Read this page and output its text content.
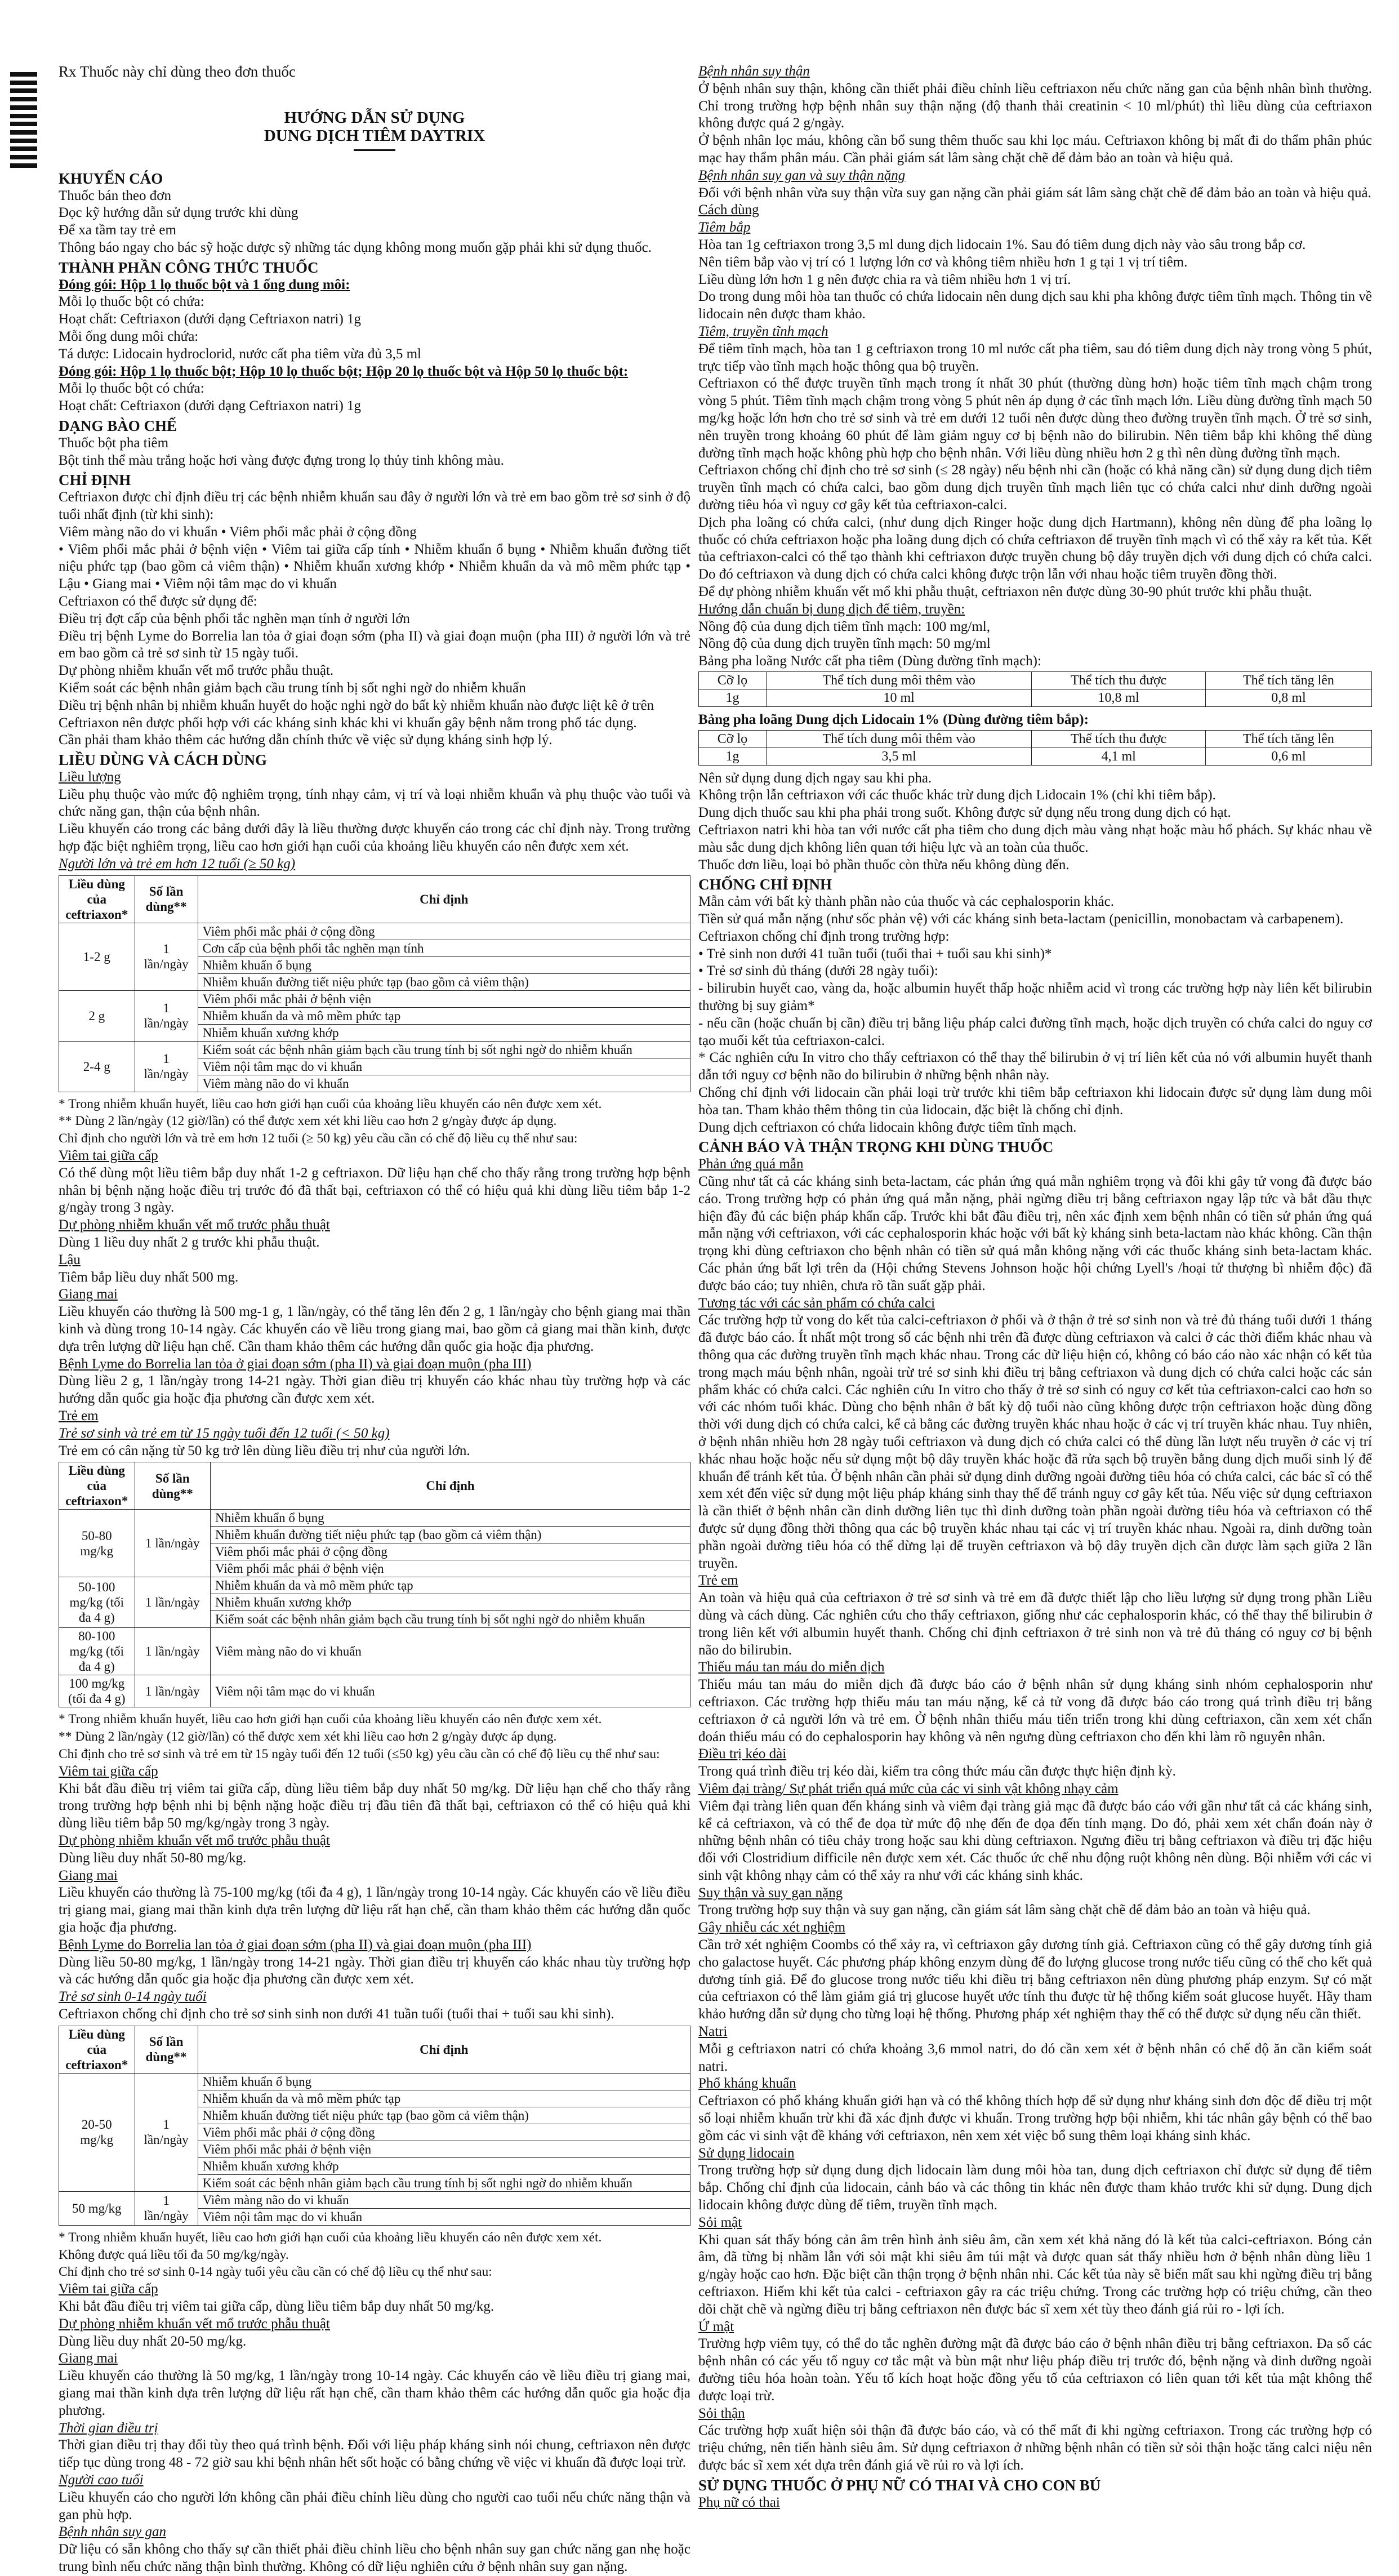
Rx Thuốc này chỉ dùng theo đơn thuốc

HƯỚNG DẪN SỬ DỤNG

DUNG DỊCH TIÊM DAYTRIX

KHUYẾN CÁO

Thuốc bán theo đơn

Đọc kỹ hướng dẫn sử dụng trước khi dùng

Để xa tầm tay trẻ em

Thông báo ngay cho bác sỹ hoặc dược sỹ những tác dụng không mong muốn gặp phải khi sử dụng thuốc.

THÀNH PHẦN CÔNG THỨC THUỐC

Đóng gói: Hộp 1 lọ thuốc bột và 1 ống dung môi:

Mỗi lọ thuốc bột có chứa:

Hoạt chất: Ceftriaxon (dưới dạng Ceftriaxon natri) 1g

Mỗi ống dung môi chứa:

Tá dược: Lidocain hydroclorid, nước cất pha tiêm vừa đủ 3,5 ml

Đóng gói: Hộp 1 lọ thuốc bột; Hộp 10 lọ thuốc bột; Hộp 20 lọ thuốc bột và Hộp 50 lọ thuốc bột:

Mỗi lọ thuốc bột có chứa:

Hoạt chất: Ceftriaxon (dưới dạng Ceftriaxon natri) 1g

DẠNG BÀO CHẾ

Thuốc bột pha tiêm

Bột tinh thể màu trắng hoặc hơi vàng được đựng trong lọ thủy tinh không màu.

CHỈ ĐỊNH

Ceftriaxon được chỉ định điều trị các bệnh nhiễm khuẩn sau đây ở người lớn và trẻ em bao gồm trẻ sơ sinh ở độ tuổi nhất định (từ khi sinh):

Viêm màng não do vi khuẩn • Viêm phổi mắc phải ở cộng đồng

• Viêm phổi mắc phải ở bệnh viện • Viêm tai giữa cấp tính • Nhiễm khuẩn ổ bụng • Nhiễm khuẩn đường tiết niệu phức tạp (bao gồm cả viêm thận) • Nhiễm khuẩn xương khớp • Nhiễm khuẩn da và mô mềm phức tạp • Lậu • Giang mai • Viêm nội tâm mạc do vi khuẩn

Ceftriaxon có thể được sử dụng để:

Điều trị đợt cấp của bệnh phổi tắc nghẽn mạn tính ở người lớn

Điều trị bệnh Lyme do Borrelia lan tỏa ở giai đoạn sớm (pha II) và giai đoạn muộn (pha III) ở người lớn và trẻ em bao gồm cả trẻ sơ sinh từ 15 ngày tuổi.

Dự phòng nhiễm khuẩn vết mổ trước phẫu thuật.

Kiểm soát các bệnh nhân giảm bạch cầu trung tính bị sốt nghi ngờ do nhiễm khuẩn

Điều trị bệnh nhân bị nhiễm khuẩn huyết do hoặc nghi ngờ do bất kỳ nhiễm khuẩn nào được liệt kê ở trên

Ceftriaxon nên được phối hợp với các kháng sinh khác khi vi khuẩn gây bệnh nằm trong phổ tác dụng.

Cần phải tham khảo thêm các hướng dẫn chính thức về việc sử dụng kháng sinh hợp lý.

LIỀU DÙNG VÀ CÁCH DÙNG

Liều lượng

Liều phụ thuộc vào mức độ nghiêm trọng, tính nhạy cảm, vị trí và loại nhiễm khuẩn và phụ thuộc vào tuổi và chức năng gan, thận của bệnh nhân.

Liều khuyến cáo trong các bảng dưới đây là liều thường được khuyến cáo trong các chỉ định này. Trong trường hợp đặc biệt nghiêm trọng, liều cao hơn giới hạn cuối của khoảng liều khuyến cáo nên được xem xét.

Người lớn và trẻ em hơn 12 tuổi (≥ 50 kg)

Liều dùng của ceftriaxon*	Số lần dùng**	Chỉ định
1-2 g	1 lần/ngày	Viêm phổi mắc phải ở cộng đồng
		Cơn cấp của bệnh phổi tắc nghẽn mạn tính
		Nhiễm khuẩn ổ bụng
		Nhiễm khuẩn đường tiết niệu phức tạp (bao gồm cả viêm thận)
2 g	1 lần/ngày	Viêm phổi mắc phải ở bệnh viện
		Nhiễm khuẩn da và mô mềm phức tạp
		Nhiễm khuẩn xương khớp
2-4 g	1 lần/ngày	Kiểm soát các bệnh nhân giảm bạch cầu trung tính bị sốt nghi ngờ do nhiễm khuẩn
		Viêm nội tâm mạc do vi khuẩn
		Viêm màng não do vi khuẩn

* Trong nhiễm khuẩn huyết, liều cao hơn giới hạn cuối của khoảng liều khuyến cáo nên được xem xét.

** Dùng 2 lần/ngày (12 giờ/lần) có thể được xem xét khi liều cao hơn 2 g/ngày được áp dụng.

Chỉ định cho người lớn và trẻ em hơn 12 tuổi (≥ 50 kg) yêu cầu cần có chế độ liều cụ thể như sau:

Viêm tai giữa cấp

Có thể dùng một liều tiêm bắp duy nhất 1-2 g ceftriaxon. Dữ liệu hạn chế cho thấy rằng trong trường hợp bệnh nhân bị bệnh nặng hoặc điều trị trước đó đã thất bại, ceftriaxon có thể có hiệu quả khi dùng liều tiêm bắp 1-2 g/ngày trong 3 ngày.

Dự phòng nhiễm khuẩn vết mổ trước phẫu thuật

Dùng 1 liều duy nhất 2 g trước khi phẫu thuật.

Lậu

Tiêm bắp liều duy nhất 500 mg.

Giang mai

Liều khuyến cáo thường là 500 mg-1 g, 1 lần/ngày, có thể tăng lên đến 2 g, 1 lần/ngày cho bệnh giang mai thần kinh và dùng trong 10-14 ngày. Các khuyến cáo về liều trong giang mai, bao gồm cả giang mai thần kinh, được dựa trên lượng dữ liệu hạn chế. Cần tham khảo thêm các hướng dẫn quốc gia hoặc địa phương.

Bệnh Lyme do Borrelia lan tỏa ở giai đoạn sớm (pha II) và giai đoạn muộn (pha III)

Dùng liều 2 g, 1 lần/ngày trong 14-21 ngày. Thời gian điều trị khuyến cáo khác nhau tùy trường hợp và các hướng dẫn quốc gia hoặc địa phương cần được xem xét.

Trẻ em

Trẻ sơ sinh và trẻ em từ 15 ngày tuổi đến 12 tuổi (< 50 kg)

Trẻ em có cân nặng từ 50 kg trở lên dùng liều điều trị như của người lớn.

Liều dùng của ceftriaxon*	Số lần dùng**	Chỉ định
50-80 mg/kg	1 lần/ngày	Nhiễm khuẩn ổ bụng
		Nhiễm khuẩn đường tiết niệu phức tạp (bao gồm cả viêm thận)
		Viêm phổi mắc phải ở cộng đồng
		Viêm phổi mắc phải ở bệnh viện
50-100 mg/kg (tối đa 4 g)	1 lần/ngày	Nhiễm khuẩn da và mô mềm phức tạp
		Nhiễm khuẩn xương khớp
		Kiểm soát các bệnh nhân giảm bạch cầu trung tính bị sốt nghi ngờ do nhiễm khuẩn
80-100 mg/kg (tối đa 4 g)	1 lần/ngày	Viêm màng não do vi khuẩn
100 mg/kg (tối đa 4 g)	1 lần/ngày	Viêm nội tâm mạc do vi khuẩn

* Trong nhiễm khuẩn huyết, liều cao hơn giới hạn cuối của khoảng liều khuyến cáo nên được xem xét.

** Dùng 2 lần/ngày (12 giờ/lần) có thể được xem xét khi liều cao hơn 2 g/ngày được áp dụng.

Chỉ định cho trẻ sơ sinh và trẻ em từ 15 ngày tuổi đến 12 tuổi (≤50 kg) yêu cầu cần có chế độ liều cụ thể như sau:

Viêm tai giữa cấp

Khi bắt đầu điều trị viêm tai giữa cấp, dùng liều tiêm bắp duy nhất 50 mg/kg. Dữ liệu hạn chế cho thấy rằng trong trường hợp bệnh nhi bị bệnh nặng hoặc điều trị đầu tiên đã thất bại, ceftriaxon có thể có hiệu quả khi dùng liều tiêm bắp 50 mg/kg/ngày trong 3 ngày.

Dự phòng nhiễm khuẩn vết mổ trước phẫu thuật

Dùng liều duy nhất 50-80 mg/kg.

Giang mai

Liều khuyến cáo thường là 75-100 mg/kg (tối đa 4 g), 1 lần/ngày trong 10-14 ngày. Các khuyến cáo về liều điều trị giang mai, giang mai thần kinh dựa trên lượng dữ liệu rất hạn chế, cần tham khảo thêm các hướng dẫn quốc gia hoặc địa phương.

Bệnh Lyme do Borrelia lan tỏa ở giai đoạn sớm (pha II) và giai đoạn muộn (pha III)

Dùng liều 50-80 mg/kg, 1 lần/ngày trong 14-21 ngày. Thời gian điều trị khuyến cáo khác nhau tùy trường hợp và các hướng dẫn quốc gia hoặc địa phương cần được xem xét.

Trẻ sơ sinh 0-14 ngày tuổi

Ceftriaxon chống chỉ định cho trẻ sơ sinh sinh non dưới 41 tuần tuổi (tuổi thai + tuổi sau khi sinh).

Liều dùng của ceftriaxon*	Số lần dùng**	Chỉ định
20-50 mg/kg	1 lần/ngày	Nhiễm khuẩn ổ bụng
		Nhiễm khuẩn da và mô mềm phức tạp
		Nhiễm khuẩn đường tiết niệu phức tạp (bao gồm cả viêm thận)
		Viêm phổi mắc phải ở cộng đồng
		Viêm phổi mắc phải ở bệnh viện
		Nhiễm khuẩn xương khớp
		Kiểm soát các bệnh nhân giảm bạch cầu trung tính bị sốt nghi ngờ do nhiễm khuẩn
50 mg/kg	1 lần/ngày	Viêm màng não do vi khuẩn
		Viêm nội tâm mạc do vi khuẩn

* Trong nhiễm khuẩn huyết, liều cao hơn giới hạn cuối của khoảng liều khuyến cáo nên được xem xét.

Không được quá liều tối đa 50 mg/kg/ngày.

Chỉ định cho trẻ sơ sinh 0-14 ngày tuổi yêu cầu cần có chế độ liều cụ thể như sau:

Viêm tai giữa cấp

Khi bắt đầu điều trị viêm tai giữa cấp, dùng liều tiêm bắp duy nhất 50 mg/kg.

Dự phòng nhiễm khuẩn vết mổ trước phẫu thuật

Dùng liều duy nhất 20-50 mg/kg.

Giang mai

Liều khuyến cáo thường là 50 mg/kg, 1 lần/ngày trong 10-14 ngày. Các khuyến cáo về liều điều trị giang mai, giang mai thần kinh dựa trên lượng dữ liệu rất hạn chế, cần tham khảo thêm các hướng dẫn quốc gia hoặc địa phương.

Thời gian điều trị

Thời gian điều trị thay đổi tùy theo quá trình bệnh. Đối với liệu pháp kháng sinh nói chung, ceftriaxon nên được tiếp tục dùng trong 48 - 72 giờ sau khi bệnh nhân hết sốt hoặc có bằng chứng về việc vi khuẩn đã được loại trừ.

Người cao tuổi

Liều khuyến cáo cho người lớn không cần phải điều chỉnh liều dùng cho người cao tuổi nếu chức năng thận và gan phù hợp.

Bệnh nhân suy gan

Dữ liệu có sẵn không cho thấy sự cần thiết phải điều chỉnh liều cho bệnh nhân suy gan chức năng gan nhẹ hoặc trung bình nếu chức năng thận bình thường. Không có dữ liệu nghiên cứu ở bệnh nhân suy gan nặng.

Bệnh nhân suy thận

Ở bệnh nhân suy thận, không cần thiết phải điều chỉnh liều ceftriaxon nếu chức năng gan của bệnh nhân bình thường. Chỉ trong trường hợp bệnh nhân suy thận nặng (độ thanh thải creatinin < 10 ml/phút) thì liều dùng của ceftriaxon không được quá 2 g/ngày.

Ở bệnh nhân lọc máu, không cần bổ sung thêm thuốc sau khi lọc máu. Ceftriaxon không bị mất đi do thẩm phân phúc mạc hay thẩm phân máu. Cần phải giám sát lâm sàng chặt chẽ để đảm bảo an toàn và hiệu quả.

Bệnh nhân suy gan và suy thận nặng

Đối với bệnh nhân vừa suy thận vừa suy gan nặng cần phải giám sát lâm sàng chặt chẽ để đảm bảo an toàn và hiệu quả.

Cách dùng

Tiêm bắp

Hòa tan 1g ceftriaxon trong 3,5 ml dung dịch lidocain 1%. Sau đó tiêm dung dịch này vào sâu trong bắp cơ.

Nên tiêm bắp vào vị trí có 1 lượng lớn cơ và không tiêm nhiều hơn 1 g tại 1 vị trí tiêm.

Liều dùng lớn hơn 1 g nên được chia ra và tiêm nhiều hơn 1 vị trí.

Do trong dung môi hòa tan thuốc có chứa lidocain nên dung dịch sau khi pha không được tiêm tĩnh mạch. Thông tin về lidocain nên được tham khảo.

Tiêm, truyền tĩnh mạch

Để tiêm tĩnh mạch, hòa tan 1 g ceftriaxon trong 10 ml nước cất pha tiêm, sau đó tiêm dung dịch này trong vòng 5 phút, trực tiếp vào tĩnh mạch hoặc thông qua bộ truyền.

Ceftriaxon có thể được truyền tĩnh mạch trong ít nhất 30 phút (thường dùng hơn) hoặc tiêm tĩnh mạch chậm trong vòng 5 phút. Tiêm tĩnh mạch chậm trong vòng 5 phút nên áp dụng ở các tĩnh mạch lớn. Liều dùng đường tĩnh mạch 50 mg/kg hoặc lớn hơn cho trẻ sơ sinh và trẻ em dưới 12 tuổi nên được dùng theo đường truyền tĩnh mạch. Ở trẻ sơ sinh, nên truyền trong khoảng 60 phút để làm giảm nguy cơ bị bệnh não do bilirubin. Nên tiêm bắp khi không thể dùng đường tĩnh mạch hoặc không phù hợp cho bệnh nhân. Với liều dùng nhiều hơn 2 g thì nên dùng đường tĩnh mạch.

Ceftriaxon chống chỉ định cho trẻ sơ sinh (≤ 28 ngày) nếu bệnh nhi cần (hoặc có khả năng cần) sử dụng dung dịch tiêm truyền tĩnh mạch có chứa calci, bao gồm dung dịch truyền tĩnh mạch liên tục có chứa calci như dinh dưỡng ngoài đường tiêu hóa vì nguy cơ gây kết tủa ceftriaxon-calci.

Dịch pha loãng có chứa calci, (như dung dịch Ringer hoặc dung dịch Hartmann), không nên dùng để pha loãng lọ thuốc có chứa ceftriaxon hoặc pha loãng dung dịch có chứa ceftriaxon để truyền tĩnh mạch vì có thể xảy ra kết tủa. Kết tủa ceftriaxon-calci có thể tạo thành khi ceftriaxon được truyền chung bộ dây truyền dịch với dung dịch có chứa calci. Do đó ceftriaxon và dung dịch có chứa calci không được trộn lẫn với nhau hoặc tiêm truyền đồng thời.

Để dự phòng nhiễm khuẩn vết mổ khi phẫu thuật, ceftriaxon nên được dùng 30-90 phút trước khi phẫu thuật.

Hướng dẫn chuẩn bị dung dịch để tiêm, truyền:

Nồng độ của dung dịch tiêm tĩnh mạch: 100 mg/ml,

Nồng độ của dung dịch truyền tĩnh mạch: 50 mg/ml

Bảng pha loãng Nước cất pha tiêm (Dùng đường tĩnh mạch):

Cỡ lọ	Thể tích dung môi thêm vào	Thể tích thu được	Thể tích tăng lên
1g	10 ml	10,8 ml	0,8 ml

Bảng pha loãng Dung dịch Lidocain 1% (Dùng đường tiêm bắp):

Cỡ lọ	Thể tích dung môi thêm vào	Thể tích thu được	Thể tích tăng lên
1g	3,5 ml	4,1 ml	0,6 ml

Nên sử dụng dung dịch ngay sau khi pha.

Không trộn lẫn ceftriaxon với các thuốc khác trừ dung dịch Lidocain 1% (chỉ khi tiêm bắp).

Dung dịch thuốc sau khi pha phải trong suốt. Không được sử dụng nếu trong dung dịch có hạt.

Ceftriaxon natri khi hòa tan với nước cất pha tiêm cho dung dịch màu vàng nhạt hoặc màu hổ phách. Sự khác nhau về màu sắc dung dịch không liên quan tới hiệu lực và an toàn của thuốc.

Thuốc đơn liều, loại bỏ phần thuốc còn thừa nếu không dùng đến.

CHỐNG CHỈ ĐỊNH

Mẫn cảm với bất kỳ thành phần nào của thuốc và các cephalosporin khác.

Tiền sử quá mẫn nặng (như sốc phản vệ) với các kháng sinh beta-lactam (penicillin, monobactam và carbapenem).

Ceftriaxon chống chỉ định trong trường hợp:

• Trẻ sinh non dưới 41 tuần tuổi (tuổi thai + tuổi sau khi sinh)*

• Trẻ sơ sinh đủ tháng (dưới 28 ngày tuổi):

- bilirubin huyết cao, vàng da, hoặc albumin huyết thấp hoặc nhiễm acid vì trong các trường hợp này liên kết bilirubin thường bị suy giảm*

- nếu cần (hoặc chuẩn bị cần) điều trị bằng liệu pháp calci đường tĩnh mạch, hoặc dịch truyền có chứa calci do nguy cơ tạo muối kết tủa ceftriaxon-calci.

* Các nghiên cứu In vitro cho thấy ceftriaxon có thể thay thế bilirubin ở vị trí liên kết của nó với albumin huyết thanh dẫn tới nguy cơ bệnh não do bilirubin ở những bệnh nhân này.

Chống chỉ định với lidocain cần phải loại trừ trước khi tiêm bắp ceftriaxon khi lidocain được sử dụng làm dung môi hòa tan. Tham khảo thêm thông tin của lidocain, đặc biệt là chống chỉ định.

Dung dịch ceftriaxon có chứa lidocain không được tiêm tĩnh mạch.

CẢNH BÁO VÀ THẬN TRỌNG KHI DÙNG THUỐC

Phản ứng quá mẫn

Cũng như tất cả các kháng sinh beta-lactam, các phản ứng quá mẫn nghiêm trọng và đôi khi gây tử vong đã được báo cáo. Trong trường hợp có phản ứng quá mẫn nặng, phải ngừng điều trị bằng ceftriaxon ngay lập tức và bắt đầu thực hiện đầy đủ các biện pháp khẩn cấp. Trước khi bắt đầu điều trị, nên xác định xem bệnh nhân có tiền sử phản ứng quá mẫn nặng với ceftriaxon, với các cephalosporin khác hoặc với bất kỳ kháng sinh beta-lactam nào khác không. Cần thận trọng khi dùng ceftriaxon cho bệnh nhân có tiền sử quá mẫn không nặng với các thuốc kháng sinh beta-lactam khác. Các phản ứng bất lợi trên da (Hội chứng Stevens Johnson hoặc hội chứng Lyell's /hoại tử thượng bì nhiễm độc) đã được báo cáo; tuy nhiên, chưa rõ tần suất gặp phải.

Tương tác với các sản phẩm có chứa calci

Các trường hợp tử vong do kết tủa calci-ceftriaxon ở phổi và ở thận ở trẻ sơ sinh non và trẻ đủ tháng tuổi dưới 1 tháng đã được báo cáo. Ít nhất một trong số các bệnh nhi trên đã được dùng ceftriaxon và calci ở các thời điểm khác nhau và thông qua các đường truyền tĩnh mạch khác nhau. Trong các dữ liệu hiện có, không có báo cáo nào xác nhận có kết tủa trong mạch máu bệnh nhân, ngoài trừ trẻ sơ sinh khi điều trị bằng ceftriaxon và dung dịch có chứa calci hoặc các sản phẩm khác có chứa calci. Các nghiên cứu In vitro cho thấy ở trẻ sơ sinh có nguy cơ kết tủa ceftriaxon-calci cao hơn so với các nhóm tuổi khác. Dùng cho bệnh nhân ở bất kỳ độ tuổi nào cũng không được trộn ceftriaxon hoặc dùng đồng thời với dung dịch có chứa calci, kể cả bằng các đường truyền khác nhau hoặc ở các vị trí truyền khác nhau. Tuy nhiên, ở bệnh nhân nhiều hơn 28 ngày tuổi ceftriaxon và dung dịch có chứa calci có thể dùng lần lượt nếu truyền ở các vị trí khác nhau hoặc hoặc nếu sử dụng một bộ dây truyền khác hoặc đã rửa sạch bộ truyền bằng dung dịch muối sinh lý để khuẩn để tránh kết tủa. Ở bệnh nhân cần phải sử dụng dinh dưỡng ngoài đường tiêu hóa có chứa calci, các bác sĩ có thể xem xét đến việc sử dụng một liệu pháp kháng sinh thay thế để tránh nguy cơ gây kết tủa. Nếu việc sử dụng ceftriaxon là cần thiết ở bệnh nhân cần dinh dưỡng liên tục thì dinh dưỡng toàn phần ngoài đường tiêu hóa và ceftriaxon có thể được sử dụng đồng thời thông qua các bộ truyền khác nhau tại các vị trí truyền khác nhau. Ngoài ra, dinh dưỡng toàn phần ngoài đường tiêu hóa có thể dừng lại để truyền ceftriaxon và bộ dây truyền dịch cần được làm sạch giữa 2 lần truyền.

Trẻ em

An toàn và hiệu quả của ceftriaxon ở trẻ sơ sinh và trẻ em đã được thiết lập cho liều lượng sử dụng trong phần Liều dùng và cách dùng. Các nghiên cứu cho thấy ceftriaxon, giống như các cephalosporin khác, có thể thay thế bilirubin ở trong liên kết với albumin huyết thanh. Chống chỉ định ceftriaxon ở trẻ sinh non và trẻ đủ tháng có nguy cơ bị bệnh não do bilirubin.

Thiếu máu tan máu do miễn dịch

Thiếu máu tan máu do miễn dịch đã được báo cáo ở bệnh nhân sử dụng kháng sinh nhóm cephalosporin như ceftriaxon. Các trường hợp thiếu máu tan máu nặng, kể cả tử vong đã được báo cáo trong quá trình điều trị bằng ceftriaxon ở cả người lớn và trẻ em. Ở bệnh nhân thiếu máu tiến triển trong khi dùng ceftriaxon, cần xem xét chẩn đoán thiếu máu có do cephalosporin hay không và nên ngưng dùng ceftriaxon cho đến khi làm rõ nguyên nhân.

Điều trị kéo dài

Trong quá trình điều trị kéo dài, kiểm tra công thức máu cần được thực hiện định kỳ.

Viêm đại tràng/ Sự phát triển quá mức của các vi sinh vật không nhạy cảm

Viêm đại tràng liên quan đến kháng sinh và viêm đại tràng giả mạc đã được báo cáo với gần như tất cả các kháng sinh, kể cả ceftriaxon, và có thể đe dọa từ mức độ nhẹ đến đe dọa đến tính mạng. Do đó, phải xem xét chẩn đoán này ở những bệnh nhân có tiêu chảy trong hoặc sau khi dùng ceftriaxon. Ngưng điều trị bằng ceftriaxon và điều trị đặc hiệu đối với Clostridium difficile nên được xem xét. Các thuốc ức chế nhu động ruột không nên dùng. Bội nhiễm với các vi sinh vật không nhạy cảm có thể xảy ra như với các kháng sinh khác.

Suy thận và suy gan nặng

Trong trường hợp suy thận và suy gan nặng, cần giám sát lâm sàng chặt chẽ để đảm bảo an toàn và hiệu quả.

Gây nhiễu các xét nghiệm

Cần trở xét nghiệm Coombs có thể xảy ra, vì ceftriaxon gây dương tính giả. Ceftriaxon cũng có thể gây dương tính giả cho galactose huyết. Các phương pháp không enzym dùng để đo lượng glucose trong nước tiểu cũng có thể cho kết quả dương tính giả. Để đo glucose trong nước tiểu khi điều trị bằng ceftriaxon nên dùng phương pháp enzym. Sự có mặt của ceftriaxon có thể làm giảm giá trị glucose huyết ước tính thu được từ hệ thống kiểm soát glucose huyết. Hãy tham khảo hướng dẫn sử dụng cho từng loại hệ thống. Phương pháp xét nghiệm thay thế có thể được sử dụng nếu cần thiết.

Natri

Mỗi g ceftriaxon natri có chứa khoảng 3,6 mmol natri, do đó cần xem xét ở bệnh nhân có chế độ ăn cần kiểm soát natri.

Phổ kháng khuẩn

Ceftriaxon có phổ kháng khuẩn giới hạn và có thể không thích hợp để sử dụng như kháng sinh đơn độc để điều trị một số loại nhiễm khuẩn trừ khi đã xác định được vi khuẩn. Trong trường hợp bội nhiễm, khi tác nhân gây bệnh có thể bao gồm các vi sinh vật đề kháng với ceftriaxon, nên xem xét việc bổ sung thêm loại kháng sinh khác.

Sử dụng lidocain

Trong trường hợp sử dụng dung dịch lidocain làm dung môi hòa tan, dung dịch ceftriaxon chỉ được sử dụng để tiêm bắp. Chống chỉ định của lidocain, cảnh báo và các thông tin khác nên được tham khảo trước khi sử dụng. Dung dịch lidocain không được dùng để tiêm, truyền tĩnh mạch.

Sỏi mật

Khi quan sát thấy bóng cản âm trên hình ảnh siêu âm, cần xem xét khả năng đó là kết tủa calci-ceftriaxon. Bóng cản âm, đã từng bị nhầm lẫn với sỏi mật khi siêu âm túi mật và được quan sát thấy nhiều hơn ở bệnh nhân dùng liều 1 g/ngày hoặc cao hơn. Đặc biệt cần thận trọng ở bệnh nhân nhi. Các kết tủa này sẽ biến mất sau khi ngừng điều trị bằng ceftriaxon. Hiếm khi kết tủa calci - ceftriaxon gây ra các triệu chứng. Trong các trường hợp có triệu chứng, cần theo dõi chặt chẽ và ngừng điều trị bằng ceftriaxon nên được bác sĩ xem xét tùy theo đánh giá rủi ro - lợi ích.

Ứ mật

Trường hợp viêm tụy, có thể do tắc nghẽn đường mật đã được báo cáo ở bệnh nhân điều trị bằng ceftriaxon. Đa số các bệnh nhân có các yếu tố nguy cơ tắc mật và bùn mật như liệu pháp điều trị trước đó, bệnh nặng và dinh dưỡng ngoài đường tiêu hóa hoàn toàn. Yếu tố kích hoạt hoặc đồng yếu tố của ceftriaxon có liên quan tới kết tủa mật không thể được loại trừ.

Sỏi thận

Các trường hợp xuất hiện sỏi thận đã được báo cáo, và có thể mất đi khi ngừng ceftriaxon. Trong các trường hợp có triệu chứng, nên tiến hành siêu âm. Sử dụng ceftriaxon ở những bệnh nhân có tiền sử sỏi thận hoặc tăng calci niệu nên được bác sĩ xem xét dựa trên đánh giá về rủi ro và lợi ích.

SỬ DỤNG THUỐC Ở PHỤ NỮ CÓ THAI VÀ CHO CON BÚ

Phụ nữ có thai
